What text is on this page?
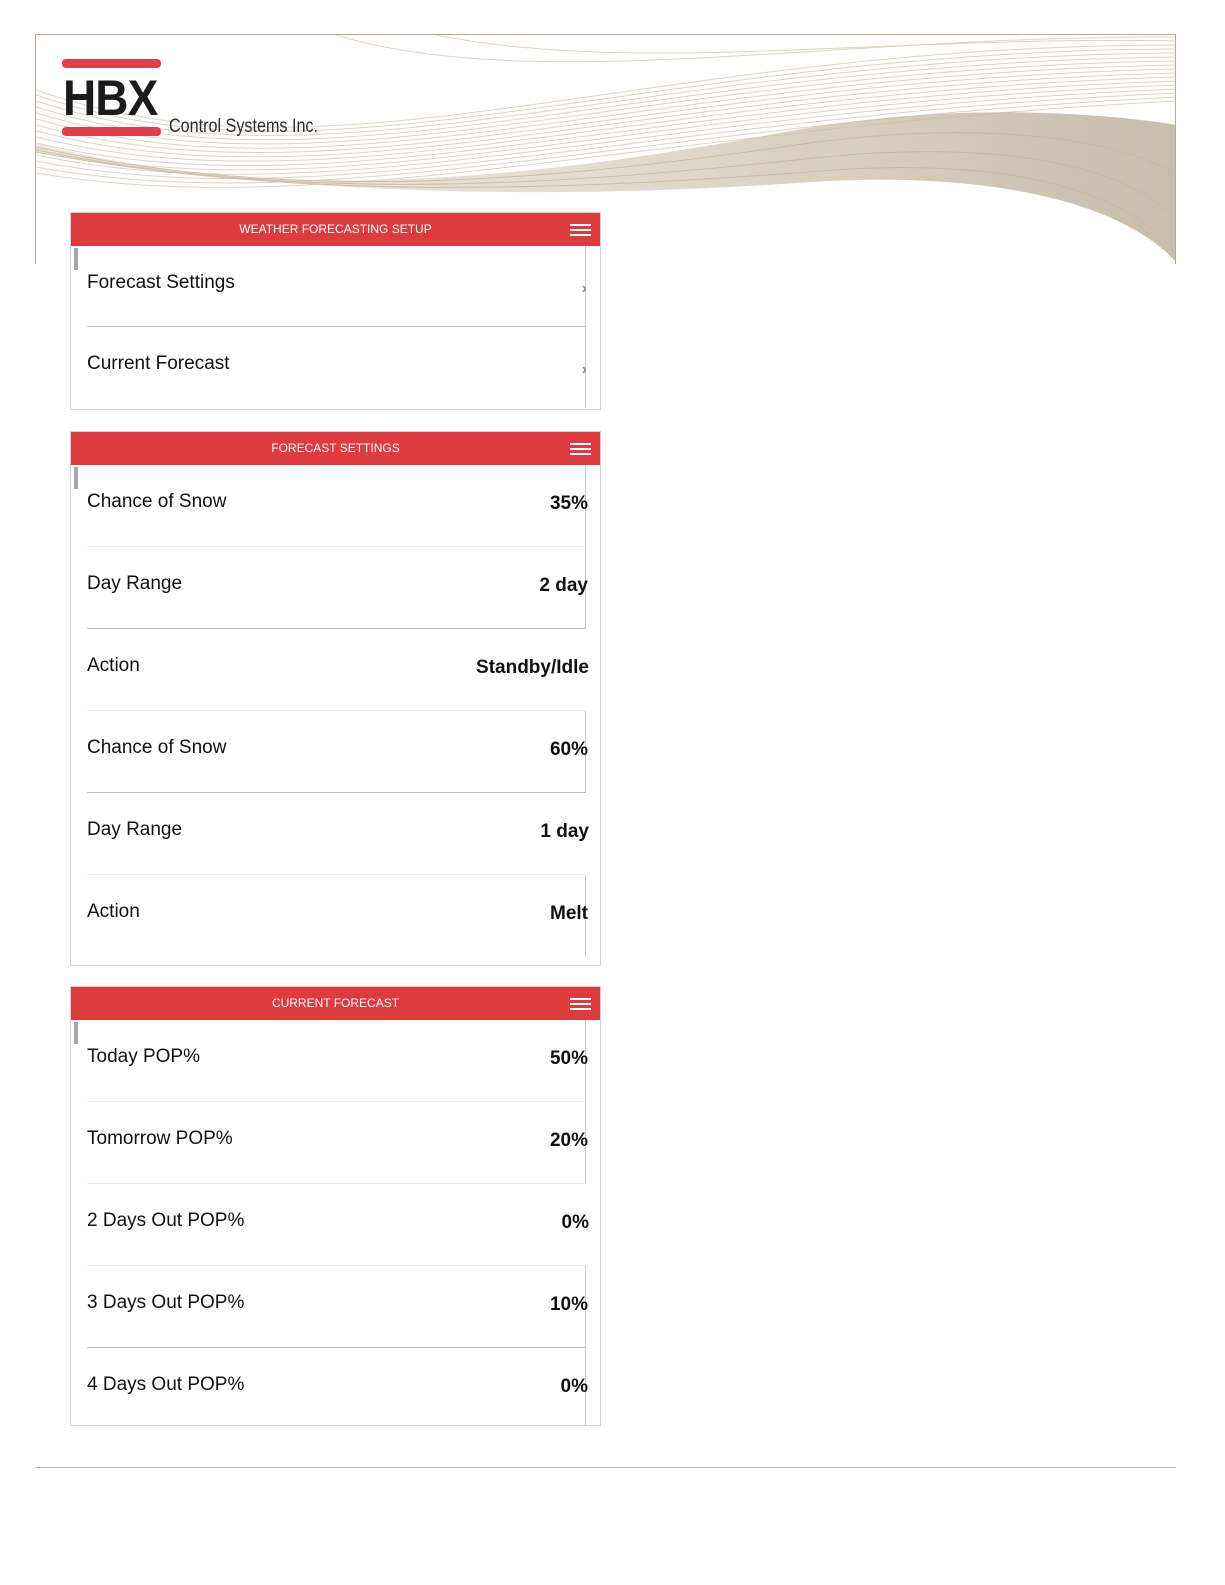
HBX
Control Systems Inc.
WEATHER FORECASTING SETUP
Forecast Settings	›
Current Forecast	›
FORECAST SETTINGS
Chance of Snow	35%
Day Range	2 day
Action	Standby/Idle
Chance of Snow	60%
Day Range	1 day
Action	Melt
CURRENT FORECAST
Today POP%	50%
Tomorrow POP%	20%
2 Days Out POP%	0%
3 Days Out POP%	10%
4 Days Out POP%	0%
